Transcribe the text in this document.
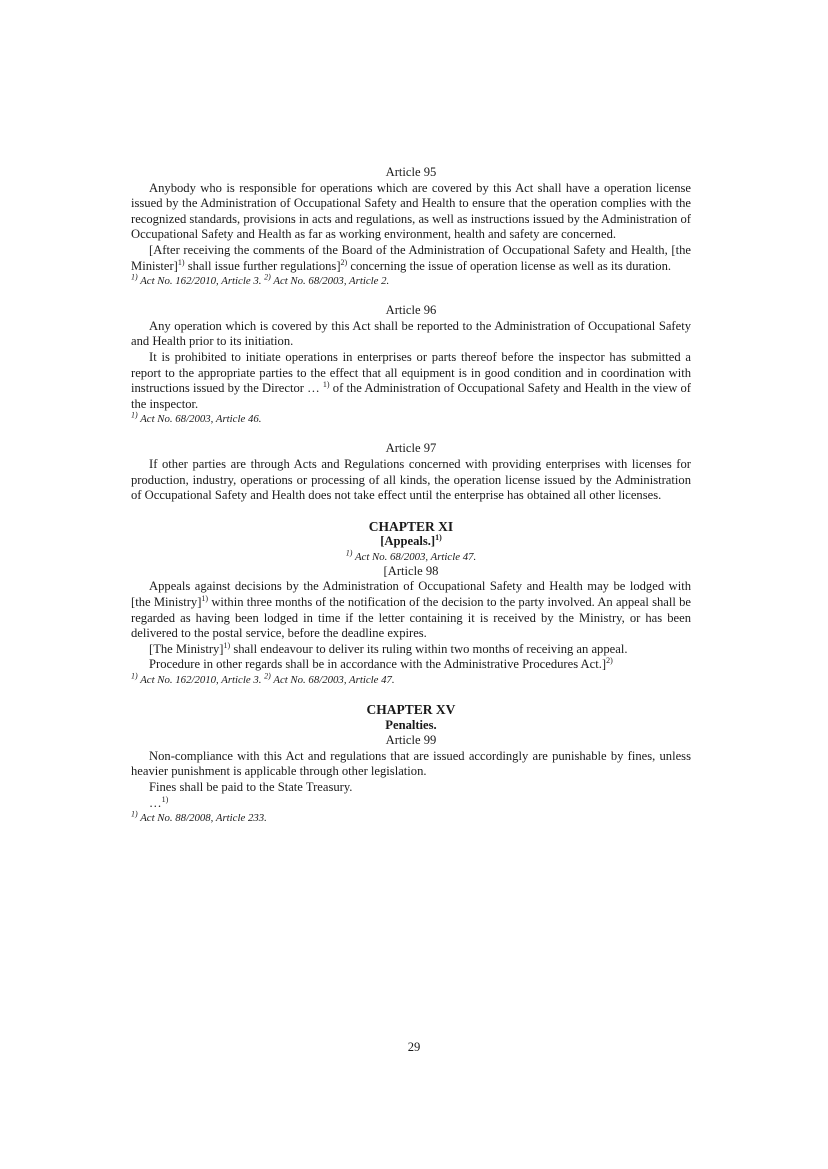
Article 95

Anybody who is responsible for operations which are covered by this Act shall have a operation license issued by the Administration of Occupational Safety and Health to ensure that the operation complies with the recognized standards, provisions in acts and regulations, as well as instructions issued by the Administration of Occupational Safety and Health as far as working environment, health and safety are concerned.

[After receiving the comments of the Board of the Administration of Occupational Safety and Health, [the Minister]$^{1)}$ shall issue further regulations]$^{2)}$ concerning the issue of operation license as well as its duration.

$^{1)}$ Act No. 162/2010, Article 3. $^{2)}$ Act No. 68/2003, Article 2.

Article 96

Any operation which is covered by this Act shall be reported to the Administration of Occupational Safety and Health prior to its initiation.

It is prohibited to initiate operations in enterprises or parts thereof before the inspector has submitted a report to the appropriate parties to the effect that all equipment is in good condition and in coordination with instructions issued by the Director … $^{1)}$ of the Administration of Occupational Safety and Health in the view of the inspector.

$^{1)}$ Act No. 68/2003, Article 46.

Article 97

If other parties are through Acts and Regulations concerned with providing enterprises with licenses for production, industry, operations or processing of all kinds, the operation license issued by the Administration of Occupational Safety and Health does not take effect until the enterprise has obtained all other licenses.

CHAPTER XI
[Appeals.]$^{1)}$
$^{1)}$ Act No. 68/2003, Article 47.
[Article 98

Appeals against decisions by the Administration of Occupational Safety and Health may be lodged with [the Ministry]$^{1)}$ within three months of the notification of the decision to the party involved. An appeal shall be regarded as having been lodged in time if the letter containing it is received by the Ministry, or has been delivered to the postal service, before the deadline expires.

[The Ministry]$^{1)}$ shall endeavour to deliver its ruling within two months of receiving an appeal.

Procedure in other regards shall be in accordance with the Administrative Procedures Act.]$^{2)}$

$^{1)}$ Act No. 162/2010, Article 3. $^{2)}$ Act No. 68/2003, Article 47.

CHAPTER XV
Penalties.
Article 99

Non-compliance with this Act and regulations that are issued accordingly are punishable by fines, unless heavier punishment is applicable through other legislation.

Fines shall be paid to the State Treasury.

…$^{1)}$

$^{1)}$ Act No. 88/2008, Article 233.

29
